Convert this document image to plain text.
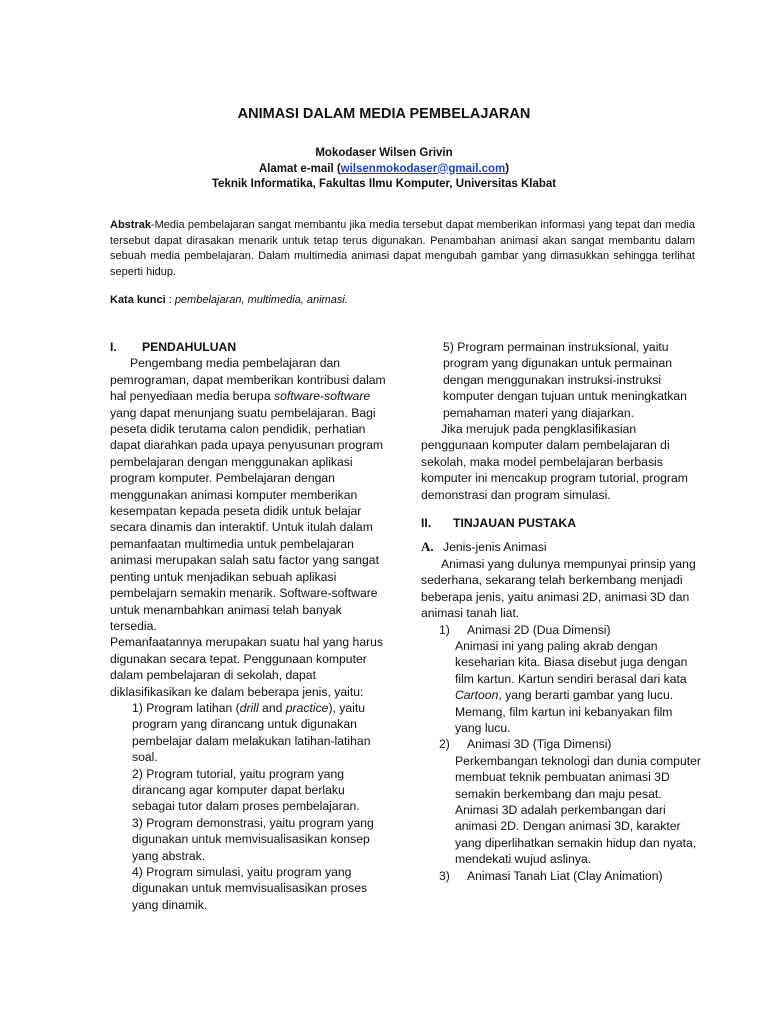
ANIMASI DALAM MEDIA PEMBELAJARAN
Mokodaser Wilsen Grivin
Alamat e-mail (wilsenmokodaser@gmail.com)
Teknik Informatika, Fakultas Ilmu Komputer, Universitas Klabat
Abstrak-Media pembelajaran sangat membantu jika media tersebut dapat memberikan informasi yang tepat dan media tersebut dapat dirasakan menarik untuk tetap terus digunakan. Penambahan animasi akan sangat membantu dalam sebuah media pembelajaran. Dalam multimedia animasi dapat mengubah gambar yang dimasukkan sehingga terlihat seperti hidup.
Kata kunci : pembelajaran, multimedia, animasi.
I.	PENDAHULUAN

Pengembang media pembelajaran dan pemrograman, dapat memberikan kontribusi dalam hal penyediaan media berupa software-software yang dapat menunjang suatu pembelajaran. Bagi peseta didik terutama calon pendidik, perhatian dapat diarahkan pada upaya penyusunan program pembelajaran dengan menggunakan aplikasi program komputer. Pembelajaran dengan menggunakan animasi komputer memberikan kesempatan kepada peseta didik untuk belajar secara dinamis dan interaktif. Untuk itulah dalam pemanfaatan multimedia untuk pembelajaran animasi merupakan salah satu factor yang sangat penting untuk menjadikan sebuah aplikasi pembelajarn semakin menarik. Software-software untuk menambahkan animasi telah banyak tersedia.

Pemanfaatannya merupakan suatu hal yang harus digunakan secara tepat. Penggunaan komputer dalam pembelajaran di sekolah, dapat diklasifikasikan ke dalam beberapa jenis, yaitu:

1) Program latihan (drill and practice), yaitu program yang dirancang untuk digunakan pembelajar dalam melakukan latihan-latihan soal.

2) Program tutorial, yaitu program yang dirancang agar komputer dapat berlaku sebagai tutor dalam proses pembelajaran.

3) Program demonstrasi, yaitu program yang digunakan untuk memvisualisasikan konsep yang abstrak.

4) Program simulasi, yaitu program yang digunakan untuk memvisualisasikan proses yang dinamik.

5) Program permainan instruksional, yaitu program yang digunakan untuk permainan dengan menggunakan instruksi-instruksi komputer dengan tujuan untuk meningkatkan pemahaman materi yang diajarkan.

Jika merujuk pada pengklasifikasian penggunaan komputer dalam pembelajaran di sekolah, maka model pembelajaran berbasis komputer ini mencakup program tutorial, program demonstrasi dan program simulasi.

II.	TINJAUAN PUSTAKA
A. Jenis-jenis Animasi

Animasi yang dulunya mempunyai prinsip yang sederhana, sekarang telah berkembang menjadi beberapa jenis, yaitu animasi 2D, animasi 3D dan animasi tanah liat.

1)	Animasi 2D (Dua Dimensi)

Animasi ini yang paling akrab dengan keseharian kita. Biasa disebut juga dengan film kartun. Kartun sendiri berasal dari kata Cartoon, yang berarti gambar yang lucu. Memang, film kartun ini kebanyakan film yang lucu.

2)	Animasi 3D (Tiga Dimensi)

Perkembangan teknologi dan dunia computer membuat teknik pembuatan animasi 3D semakin berkembang dan maju pesat. Animasi 3D adalah perkembangan dari animasi 2D. Dengan animasi 3D, karakter yang diperlihatkan semakin hidup dan nyata, mendekati wujud aslinya.

3)	Animasi Tanah Liat (Clay Animation)
